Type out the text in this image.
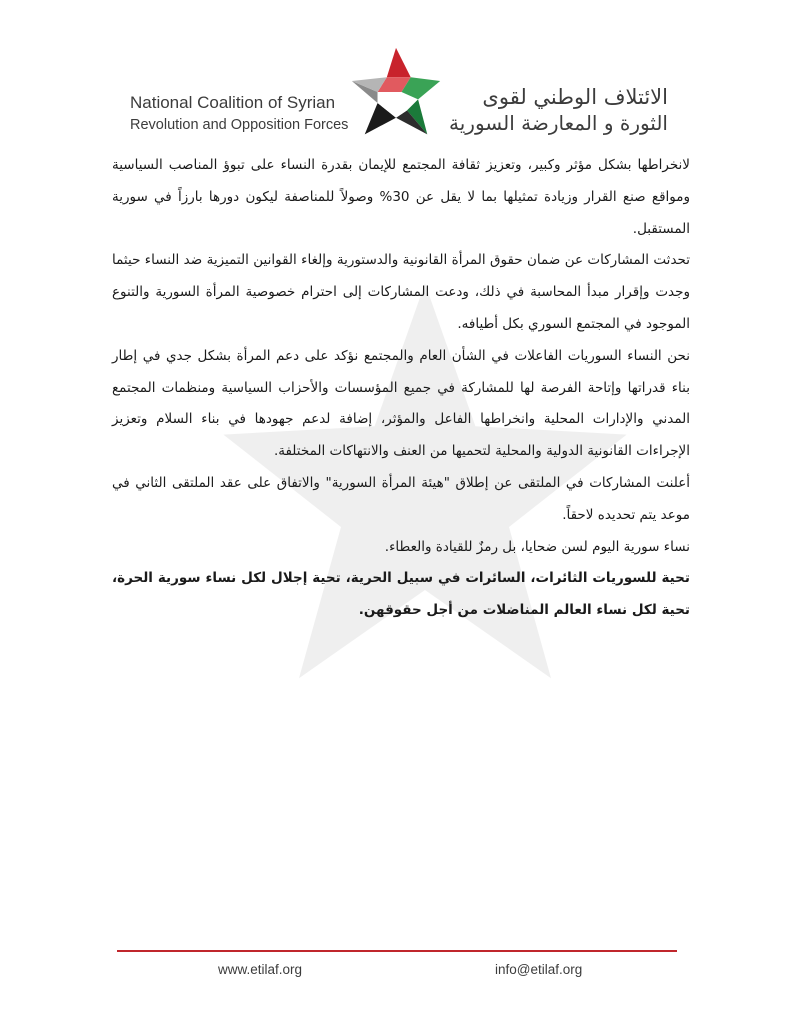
National Coalition of Syrian
Revolution and Opposition Forces
الائتلاف الوطني لقوى
الثورة و المعارضة السورية

لانخراطها بشكل مؤثر وكبير، وتعزيز ثقافة المجتمع للإيمان بقدرة النساء على تبوؤ المناصب السياسية ومواقع صنع القرار وزيادة تمثيلها بما لا يقل عن 30% وصولاً للمناصفة ليكون دورها بارزاً في سورية المستقبل.

تحدثت المشاركات عن ضمان حقوق المرأة القانونية والدستورية وإلغاء القوانين التميزية ضد النساء حيثما وجدت وإقرار مبدأ المحاسبة في ذلك، ودعت المشاركات إلى احترام خصوصية المرأة السورية والتنوع الموجود في المجتمع السوري بكل أطيافه.

نحن النساء السوريات الفاعلات في الشأن العام والمجتمع نؤكد على دعم المرأة بشكل جدي في إطار بناء قدراتها وإتاحة الفرصة لها للمشاركة في جميع المؤسسات والأحزاب السياسية ومنظمات المجتمع المدني والإدارات المحلية وانخراطها الفاعل والمؤثر، إضافة لدعم جهودها في بناء السلام وتعزيز الإجراءات القانونية الدولية والمحلية لتحميها من العنف والانتهاكات المختلفة.

أعلنت المشاركات في الملتقى عن إطلاق "هيئة المرأة السورية" والاتفاق على عقد الملتقى الثاني في موعد يتم تحديده لاحقاً.

نساء سورية اليوم لسن ضحايا، بل رمزٌ للقيادة والعطاء.

تحية للسوريات الثائرات، السائرات في سبيل الحرية، تحية إجلال لكل نساء سورية الحرة، تحية لكل نساء العالم المناضلات من أجل حقوقهن.

www.etilaf.org	info@etilaf.org
